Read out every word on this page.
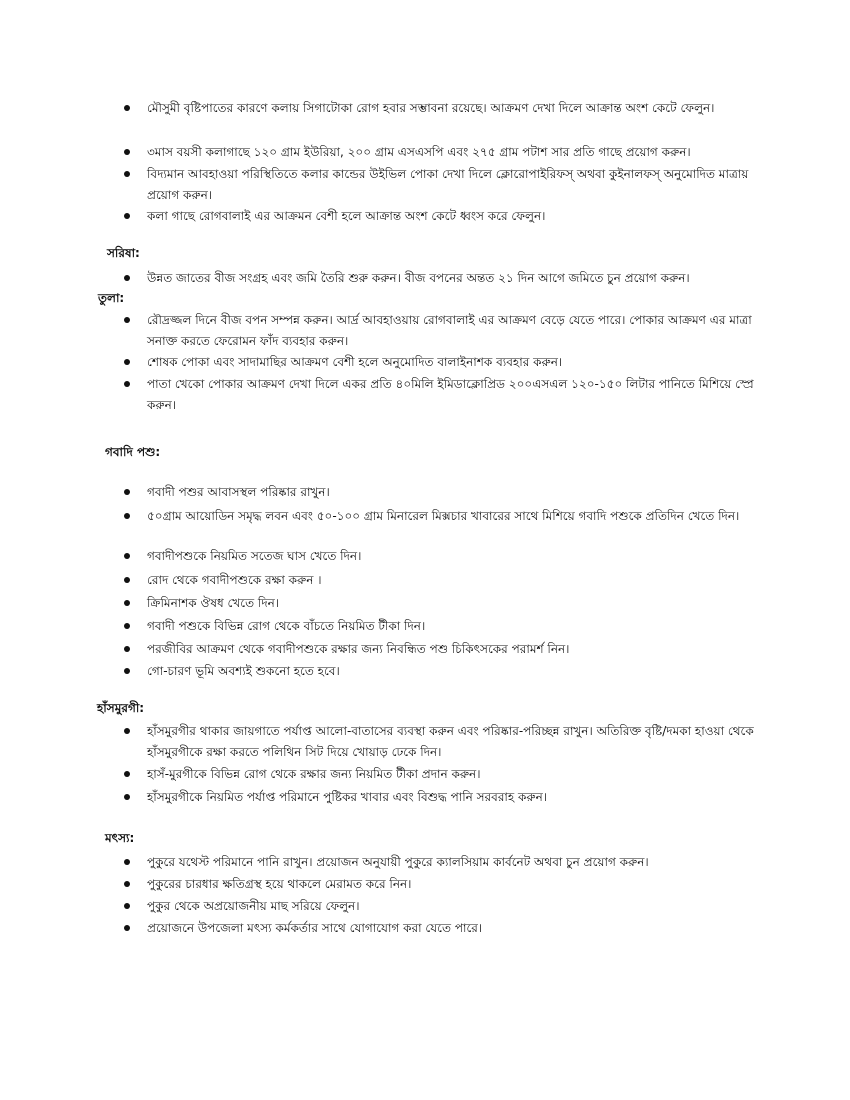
মৌসুমী বৃষ্টিপাতের কারণে কলায় সিগাটোকা রোগ হবার সম্ভাবনা রয়েছে। আক্রমণ দেখা দিলে আক্রান্ত অংশ কেটে ফেলুন।
৩মাস বয়সী কলাগাছে ১২০ গ্রাম ইউরিয়া, ২০০ গ্রাম এসএসপি এবং ২৭৫ গ্রাম পটাশ সার প্রতি গাছে প্রয়োগ করুন।
বিদ্যমান আবহাওয়া পরিস্থিতিতে কলার কান্ডের উইভিল পোকা দেখা দিলে ক্লোরোপাইরিফস্ অথবা কুইনালফস্ অনুমোদিত মাত্রায় প্রয়োগ করুন।
কলা গাছে রোগবালাই এর আক্রমন বেশী হলে আক্রান্ত অংশ কেটে ধ্বংস করে ফেলুন।
সরিষা:
উন্নত জাতের বীজ সংগ্রহ এবং জমি তৈরি শুরু করুন। বীজ বপনের অন্তত ২১ দিন আগে জমিতে চুন প্রয়োগ করুন।
তুলা:
রৌদ্রজ্জল দিনে বীজ বপন সম্পন্ন করুন। আর্দ্র আবহাওয়ায় রোগবালাই এর আক্রমণ বেড়ে যেতে পারে। পোকার আক্রমণ এর মাত্রা সনাক্ত করতে ফেরোমন ফাঁদ ব্যবহার করুন।
শোষক পোকা এবং সাদামাছির আক্রমণ বেশী হলে অনুমোদিত বালাইনাশক ব্যবহার করুন।
পাতা খেকো পোকার আক্রমণ দেখা দিলে একর প্রতি ৪০মিলি ইমিডাক্লোপ্রিড ২০০এসএল ১২০-১৫০ লিটার পানিতে মিশিয়ে স্প্রে করুন।
গবাদি পশু:
গবাদী পশুর আবাসস্থল পরিষ্কার রাখুন।
৫০গ্রাম আয়োডিন সমৃদ্ধ লবন এবং ৫০-১০০ গ্রাম মিনারেল মিক্সচার খাবারের সাথে মিশিয়ে গবাদি পশুকে প্রতিদিন খেতে দিন।
গবাদীপশুকে নিয়মিত সতেজ ঘাস খেতে দিন।
রোদ থেকে গবাদীপশুকে রক্ষা করুন ।
ক্রিমিনাশক ঔষধ খেতে দিন।
গবাদী পশুকে বিভিন্ন রোগ থেকে বাঁচতে নিয়মিত টীকা দিন।
পরজীবির আক্রমণ থেকে গবাদীপশুকে রক্ষার জন্য নিবন্ধিত পশু চিকিৎসকের পরামর্শ নিন।
গো-চারণ ভূমি অবশ্যই শুকনো হতে হবে।
হাঁসমুরগী:
হাঁসমুরগীর থাকার জায়গাতে পর্যাপ্ত আলো-বাতাসের ব্যবস্থা করুন এবং পরিষ্কার-পরিচ্ছন্ন রাখুন। অতিরিক্ত বৃষ্টি/দমকা হাওয়া থেকে হাঁসমুরগীকে রক্ষা করতে পলিথিন সিট দিয়ে খোয়াড় ঢেকে দিন।
হাসঁ-মুরগীকে বিভিন্ন রোগ থেকে রক্ষার জন্য নিয়মিত টীকা প্রদান করুন।
হাঁসমুরগীকে নিয়মিত পর্যাপ্ত পরিমানে পুষ্টিকর খাবার এবং বিশুদ্ধ পানি সরবরাহ করুন।
মৎস্য:
পুকুরে যথেস্ট পরিমানে পানি রাখুন। প্রয়োজন অনুযায়ী পুকুরে ক্যালসিয়াম কার্বনেট অথবা চুন প্রয়োগ করুন।
পুকুরের চারধার ক্ষতিগ্রস্থ হয়ে থাকলে মেরামত করে নিন।
পুকুর থেকে অপ্রয়োজনীয় মাছ সরিয়ে ফেলুন।
প্রয়োজনে উপজেলা মৎস্য কর্মকর্তার সাথে যোগাযোগ করা যেতে পারে।
